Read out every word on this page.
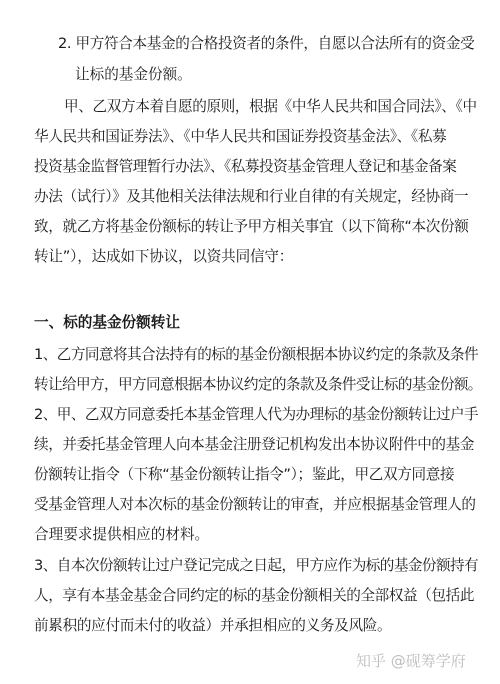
2. 甲方符合本基金的合格投资者的条件，自愿以合法所有的资金受
让标的基金份额。
甲、乙双方本着自愿的原则，根据《中华人民共和国合同法》、《中
华人民共和国证券法》、《中华人民共和国证券投资基金法》、《私募
投资基金监督管理暂行办法》、《私募投资基金管理人登记和基金备案
办法（试行）》及其他相关法律法规和行业自律的有关规定，经协商一
致，就乙方将基金份额标的转让予甲方相关事宜（以下简称“本次份额
转让”），达成如下协议，以资共同信守：
一、标的基金份额转让
1、乙方同意将其合法持有的标的基金份额根据本协议约定的条款及条件
转让给甲方，甲方同意根据本协议约定的条款及条件受让标的基金份额。
2、甲、乙双方同意委托本基金管理人代为办理标的基金份额转让过户手
续，并委托基金管理人向本基金注册登记机构发出本协议附件中的基金
份额转让指令（下称“基金份额转让指令”）；鉴此，甲乙双方同意接
受基金管理人对本次标的基金份额转让的审查，并应根据基金管理人的
合理要求提供相应的材料。
3、自本次份额转让过户登记完成之日起，甲方应作为标的基金份额持有
人，享有本基金基金合同约定的标的基金份额相关的全部权益（包括此
前累积的应付而未付的收益）并承担相应的义务及风险。
知乎 @砚筹学府
